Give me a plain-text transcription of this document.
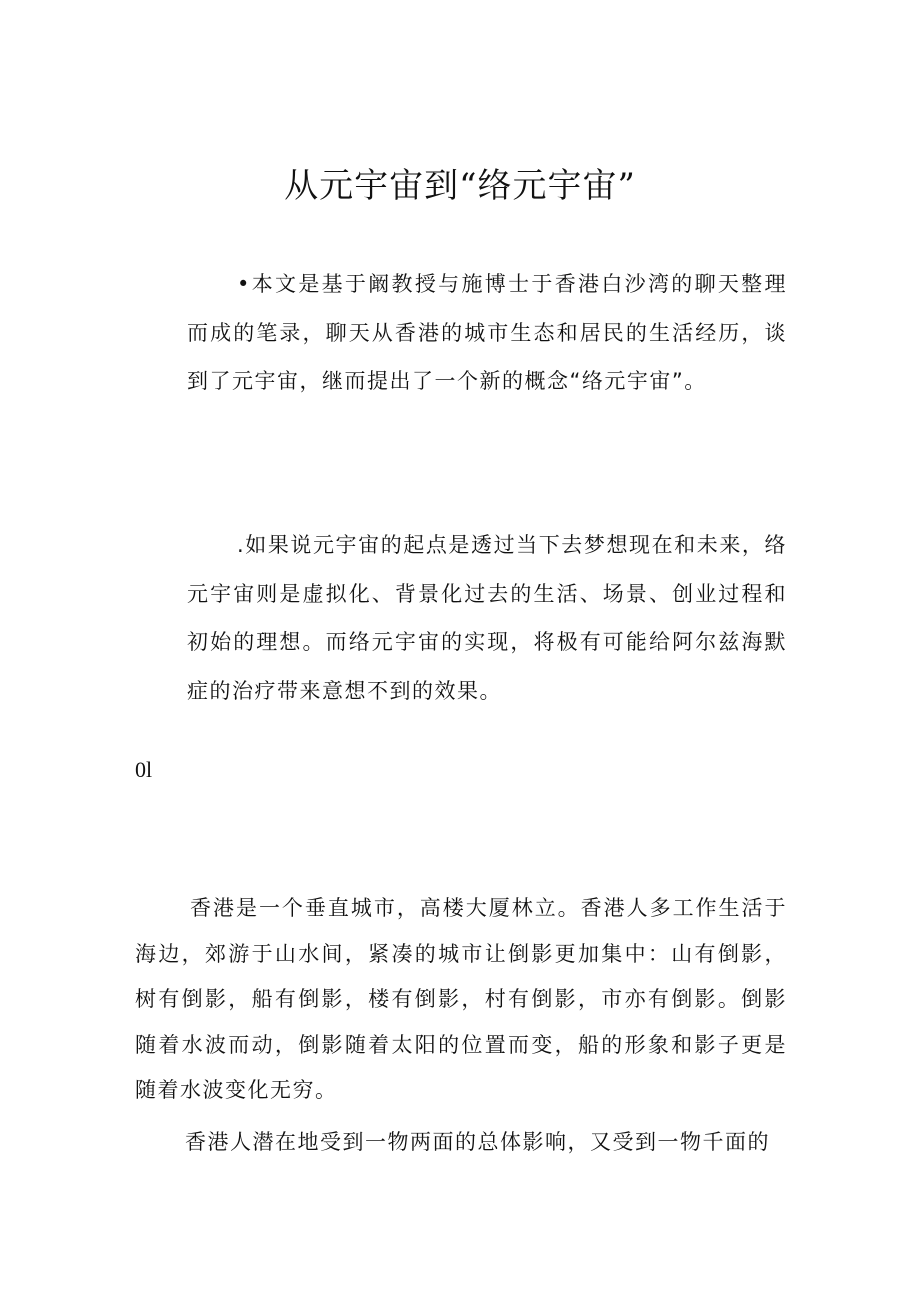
从元宇宙到“络元宇宙”

•本文是基于阚教授与施博士于香港白沙湾的聊天整理而成的笔录，聊天从香港的城市生态和居民的生活经历，谈到了元宇宙，继而提出了一个新的概念“络元宇宙”。

.如果说元宇宙的起点是透过当下去梦想现在和未来，络元宇宙则是虚拟化、背景化过去的生活、场景、创业过程和初始的理想。而络元宇宙的实现，将极有可能给阿尔兹海默症的治疗带来意想不到的效果。

0l

香港是一个垂直城市，高楼大厦林立。香港人多工作生活于海边，郊游于山水间，紧凑的城市让倒影更加集中：山有倒影，树有倒影，船有倒影，楼有倒影，村有倒影，市亦有倒影。倒影随着水波而动，倒影随着太阳的位置而变，船的形象和影子更是随着水波变化无穷。

香港人潜在地受到一物两面的总体影响，又受到一物千面的
